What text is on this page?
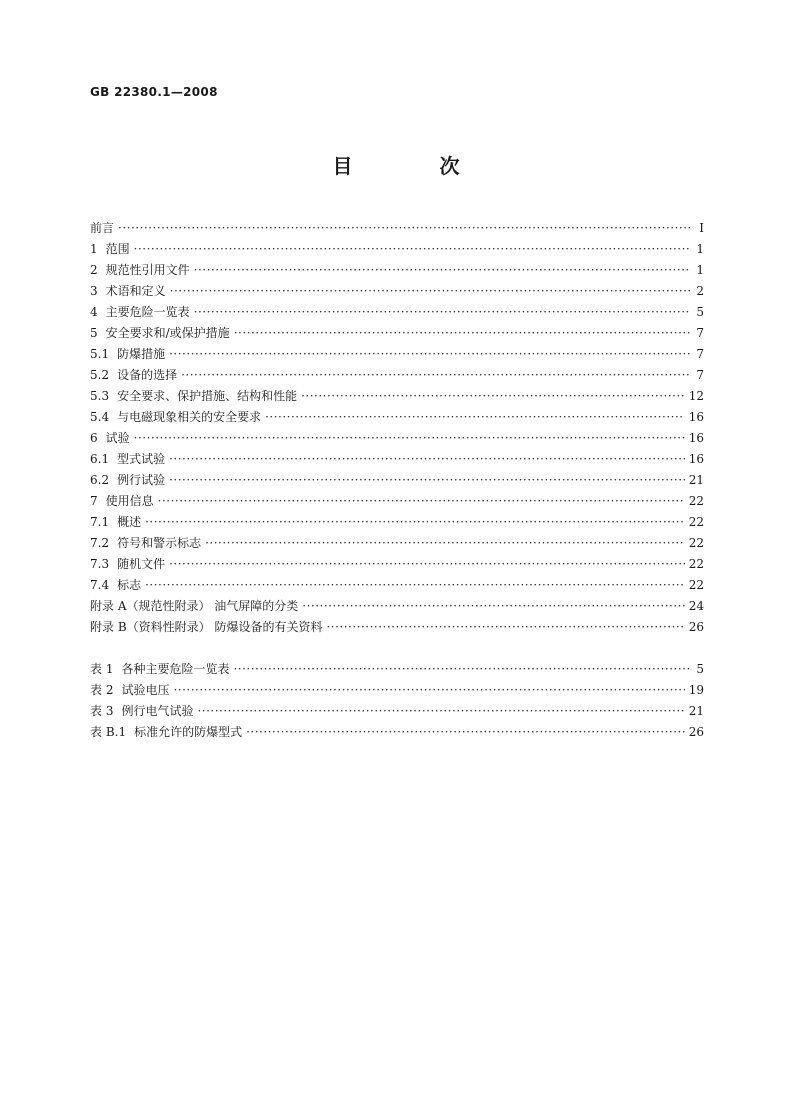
GB 22380.1—2008
目 次
前言 ·····	Ⅰ
1 范围 ·····	1
2 规范性引用文件 ·····	1
3 术语和定义 ·····	2
4 主要危险一览表 ·····	5
5 安全要求和/或保护措施 ·····	7
5.1 防爆措施 ·····	7
5.2 设备的选择 ·····	7
5.3 安全要求、保护措施、结构和性能 ·····	12
5.4 与电磁现象相关的安全要求 ·····	16
6 试验 ·····	16
6.1 型式试验 ·····	16
6.2 例行试验 ·····	21
7 使用信息 ·····	22
7.1 概述 ·····	22
7.2 符号和警示标志 ·····	22
7.3 随机文件 ·····	22
7.4 标志 ·····	22
附录 A（规范性附录） 油气屏障的分类 ·····	24
附录 B（资料性附录） 防爆设备的有关资料 ·····	26
表 1 各种主要危险一览表 ·····	5
表 2 试验电压 ·····	19
表 3 例行电气试验 ·····	21
表 B.1 标准允许的防爆型式 ·····	26
